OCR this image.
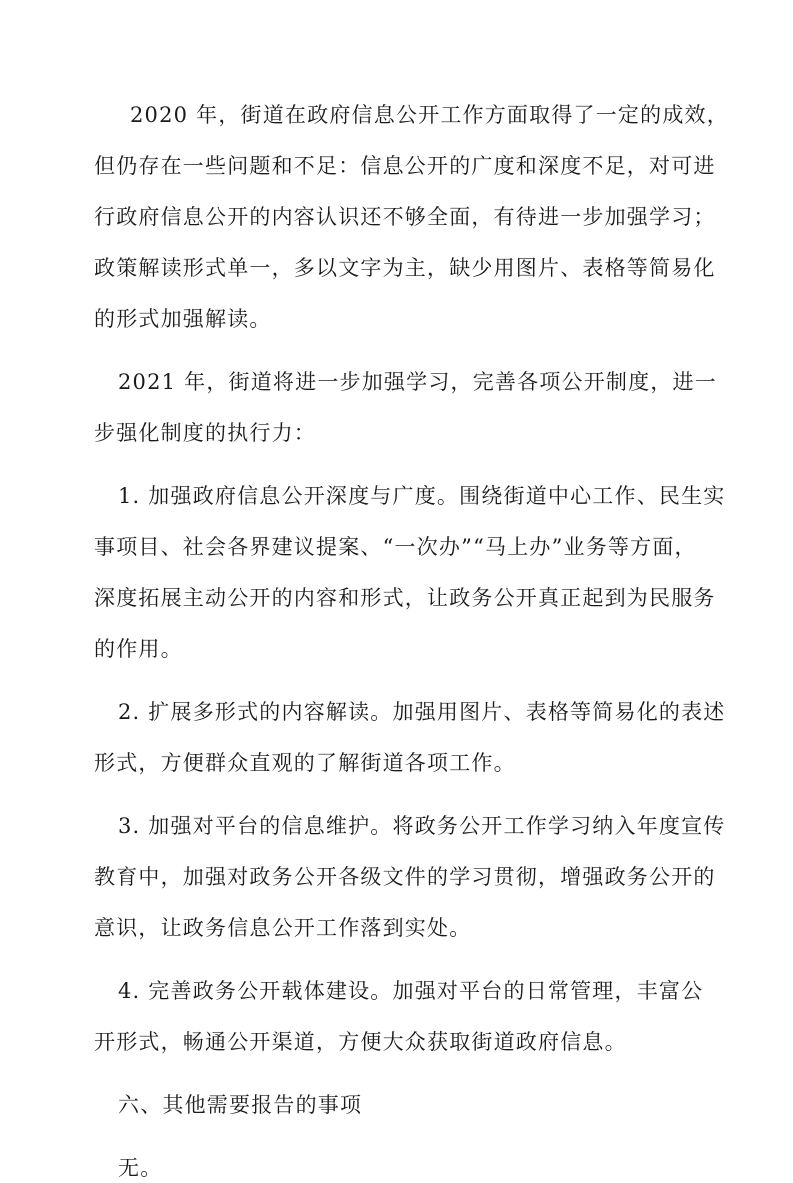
2020 年，街道在政府信息公开工作方面取得了一定的成效，
但仍存在一些问题和不足：信息公开的广度和深度不足，对可进
行政府信息公开的内容认识还不够全面，有待进一步加强学习；
政策解读形式单一，多以文字为主，缺少用图片、表格等简易化
的形式加强解读。
2021 年，街道将进一步加强学习，完善各项公开制度，进一
步强化制度的执行力：
1. 加强政府信息公开深度与广度。围绕街道中心工作、民生实
事项目、社会各界建议提案、“一次办”“马上办”业务等方面，
深度拓展主动公开的内容和形式，让政务公开真正起到为民服务
的作用。
2. 扩展多形式的内容解读。加强用图片、表格等简易化的表述
形式，方便群众直观的了解街道各项工作。
3. 加强对平台的信息维护。将政务公开工作学习纳入年度宣传
教育中，加强对政务公开各级文件的学习贯彻，增强政务公开的
意识，让政务信息公开工作落到实处。
4. 完善政务公开载体建设。加强对平台的日常管理，丰富公
开形式，畅通公开渠道，方便大众获取街道政府信息。
六、其他需要报告的事项
无。
